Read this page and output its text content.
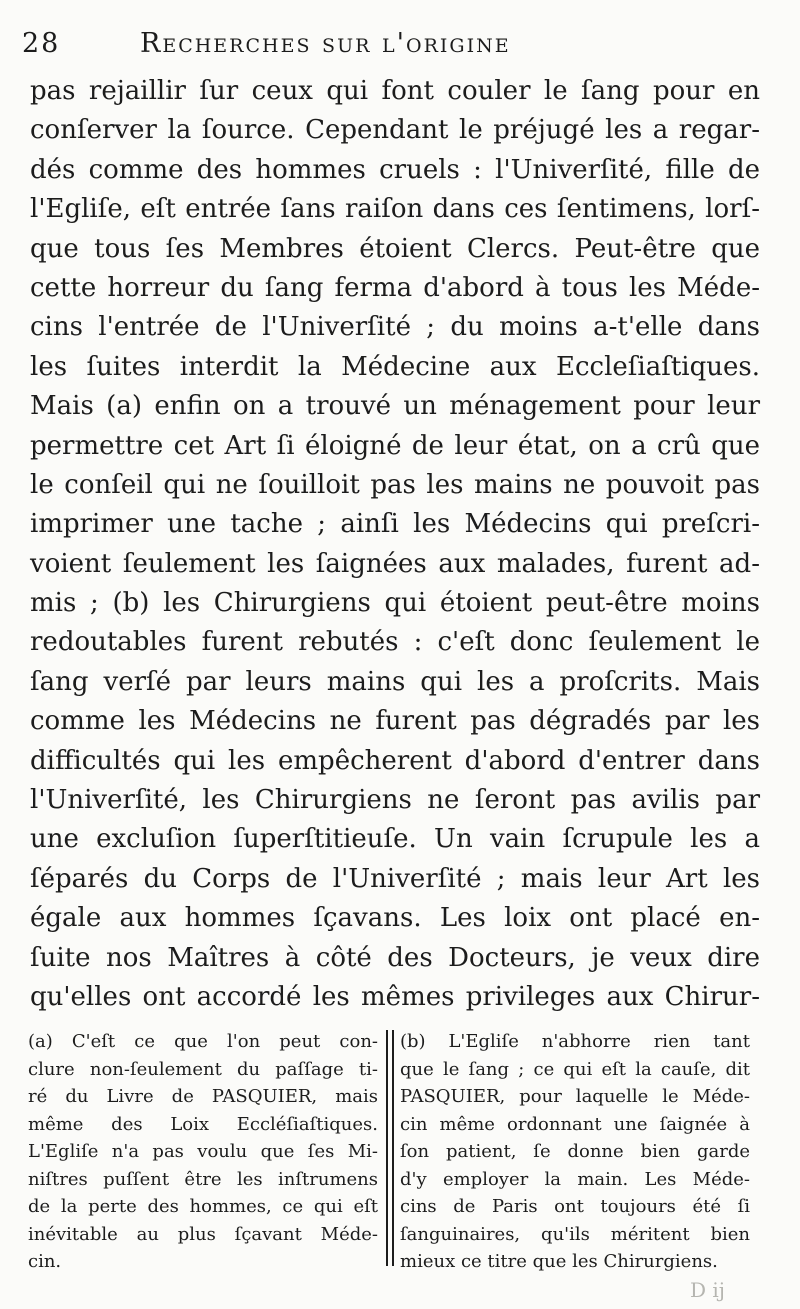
28	Recherches sur l'origine
pas rejaillir ſur ceux qui font couler le ſang pour en
conſerver la ſource. Cependant le préjugé les a regar-
dés comme des hommes cruels : l'Univerſité, fille de
l'Egliſe, eſt entrée ſans raiſon dans ces ſentimens, lorſ-
que tous ſes Membres étoient Clercs. Peut-être que
cette horreur du ſang ferma d'abord à tous les Méde-
cins l'entrée de l'Univerſité ; du moins a-t'elle dans
les ſuites interdit la Médecine aux Eccleſiaſtiques.
Mais (a) enfin on a trouvé un ménagement pour leur
permettre cet Art ſi éloigné de leur état, on a crû que
le conſeil qui ne ſouilloit pas les mains ne pouvoit pas
imprimer une tache ; ainſi les Médecins qui preſcri-
voient ſeulement les ſaignées aux malades, furent ad-
mis ; (b) les Chirurgiens qui étoient peut-être moins
redoutables furent rebutés : c'eſt donc ſeulement le
ſang verſé par leurs mains qui les a proſcrits. Mais
comme les Médecins ne furent pas dégradés par les
difficultés qui les empêcherent d'abord d'entrer dans
l'Univerſité, les Chirurgiens ne ſeront pas avilis par
une excluſion ſuperſtitieuſe. Un vain ſcrupule les a
ſéparés du Corps de l'Univerſité ; mais leur Art les
égale aux hommes ſçavans. Les loix ont placé en-
ſuite nos Maîtres à côté des Docteurs, je veux dire
qu'elles ont accordé les mêmes privileges aux Chirur-
(a) C'eſt ce que l'on peut con-
clure non-ſeulement du paſſage ti-
ré du Livre de PASQUIER, mais
même des Loix Eccléſiaſtiques.
L'Egliſe n'a pas voulu que ſes Mi-
niſtres puſſent être les inſtrumens
de la perte des hommes, ce qui eſt
inévitable au plus ſçavant Méde-
cin.
(b) L'Egliſe n'abhorre rien tant
que le ſang ; ce qui eſt la cauſe, dit
PASQUIER, pour laquelle le Méde-
cin même ordonnant une ſaignée à
ſon patient, ſe donne bien garde
d'y employer la main. Les Méde-
cins de Paris ont toujours été ſi
ſanguinaires, qu'ils méritent bien
mieux ce titre que les Chirurgiens.
D ij
